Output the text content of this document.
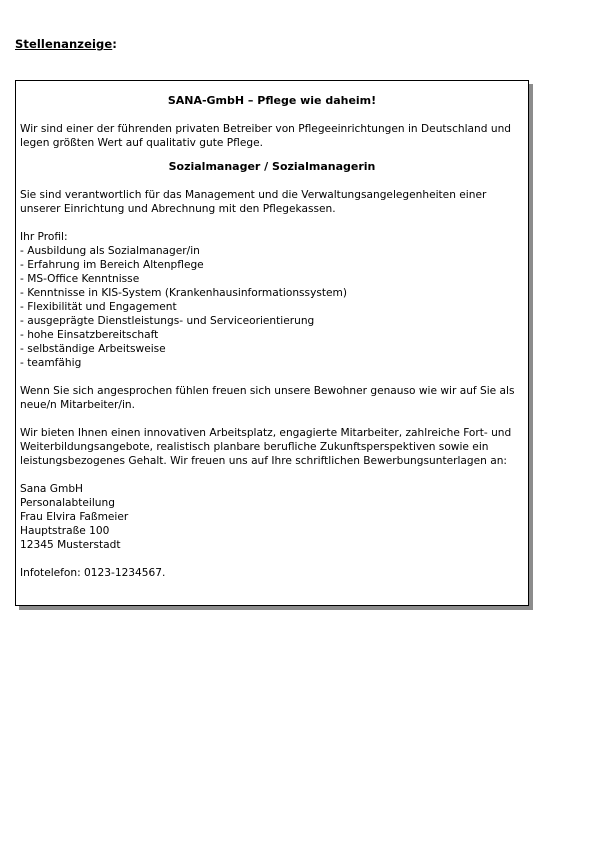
Stellenanzeige:
SANA-GmbH – Pflege wie daheim!

Wir sind einer der führenden privaten Betreiber von Pflegeeinrichtungen in Deutschland und legen größten Wert auf qualitativ gute Pflege.

Sozialmanager / Sozialmanagerin

Sie sind verantwortlich für das Management und die Verwaltungsangelegenheiten einer unserer Einrichtung und Abrechnung mit den Pflegekassen.

Ihr Profil:

- Ausbildung als Sozialmanager/in
- Erfahrung im Bereich Altenpflege
- MS-Office Kenntnisse
- Kenntnisse in KIS-System (Krankenhausinformationssystem)
- Flexibilität und Engagement
- ausgeprägte Dienstleistungs- und Serviceorientierung
- hohe Einsatzbereitschaft
- selbständige Arbeitsweise
- teamfähig

Wenn Sie sich angesprochen fühlen freuen sich unsere Bewohner genauso wie wir auf Sie als neue/n Mitarbeiter/in.

Wir bieten Ihnen einen innovativen Arbeitsplatz, engagierte Mitarbeiter, zahlreiche Fort- und Weiterbildungsangebote, realistisch planbare berufliche Zukunftsperspektiven sowie ein leistungsbezogenes Gehalt. Wir freuen uns auf Ihre schriftlichen Bewerbungsunterlagen an:

Sana GmbH
Personalabteilung
Frau Elvira Faßmeier
Hauptstraße 100
12345 Musterstadt

Infotelefon: 0123-1234567.
